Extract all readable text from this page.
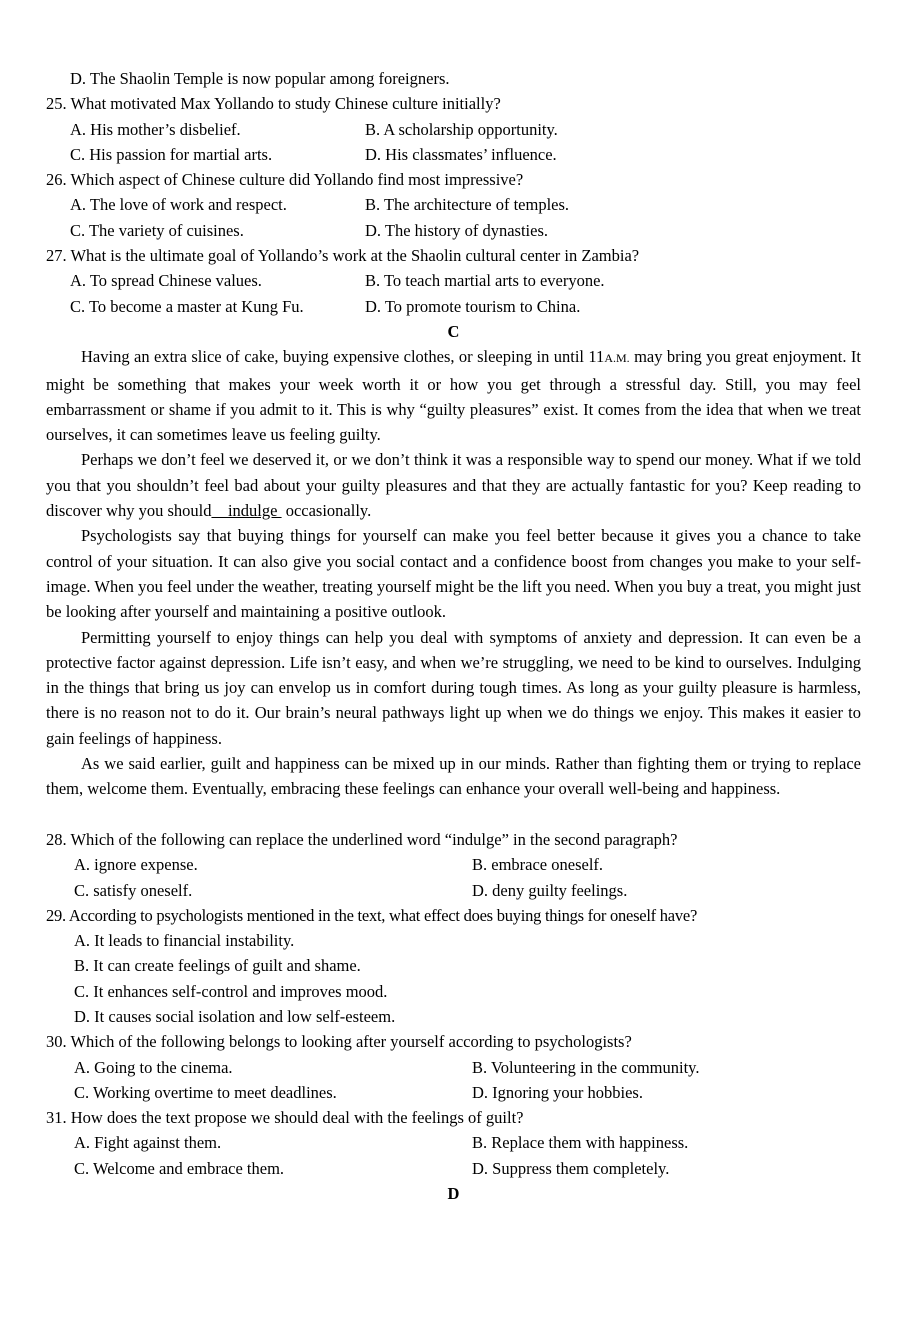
D. The Shaolin Temple is now popular among foreigners.
25. What motivated Max Yollando to study Chinese culture initially?
A. His mother’s disbelief.	B. A scholarship opportunity.
C. His passion for martial arts.	D. His classmates’ influence.
26. Which aspect of Chinese culture did Yollando find most impressive?
A. The love of work and respect.	B. The architecture of temples.
C. The variety of cuisines.	D. The history of dynasties.
27. What is the ultimate goal of Yollando’s work at the Shaolin cultural center in Zambia?
A. To spread Chinese values.	B. To teach martial arts to everyone.
C. To become a master at Kung Fu.	D. To promote tourism to China.
C

Having an extra slice of cake, buying expensive clothes, or sleeping in until 11A.M. may bring you great enjoyment. It might be something that makes your week worth it or how you get through a stressful day. Still, you may feel embarrassment or shame if you admit to it. This is why “guilty pleasures” exist. It comes from the idea that when we treat ourselves, it can sometimes leave us feeling guilty.

Perhaps we don’t feel we deserved it, or we don’t think it was a responsible way to spend our money. What if we told you that you shouldn’t feel bad about your guilty pleasures and that they are actually fantastic for you? Keep reading to discover why you should    indulge  occasionally.

Psychologists say that buying things for yourself can make you feel better because it gives you a chance to take control of your situation. It can also give you social contact and a confidence boost from changes you make to your self-image. When you feel under the weather, treating yourself might be the lift you need. When you buy a treat, you might just be looking after yourself and maintaining a positive outlook.

Permitting yourself to enjoy things can help you deal with symptoms of anxiety and depression. It can even be a protective factor against depression. Life isn’t easy, and when we’re struggling, we need to be kind to ourselves. Indulging in the things that bring us joy can envelop us in comfort during tough times. As long as your guilty pleasure is harmless, there is no reason not to do it. Our brain’s neural pathways light up when we do things we enjoy. This makes it easier to gain feelings of happiness.

As we said earlier, guilt and happiness can be mixed up in our minds. Rather than fighting them or trying to replace them, welcome them. Eventually, embracing these feelings can enhance your overall well-being and happiness.

28. Which of the following can replace the underlined word “indulge” in the second paragraph?
A. ignore expense.	B. embrace oneself.
C. satisfy oneself.	D. deny guilty feelings.
29. According to psychologists mentioned in the text, what effect does buying things for oneself have?
A. It leads to financial instability.
B. It can create feelings of guilt and shame.
C. It enhances self-control and improves mood.
D. It causes social isolation and low self-esteem.
30. Which of the following belongs to looking after yourself according to psychologists?
A. Going to the cinema.	B. Volunteering in the community.
C. Working overtime to meet deadlines.	D. Ignoring your hobbies.
31. How does the text propose we should deal with the feelings of guilt?
A. Fight against them.	B. Replace them with happiness.
C. Welcome and embrace them.	D. Suppress them completely.
D
